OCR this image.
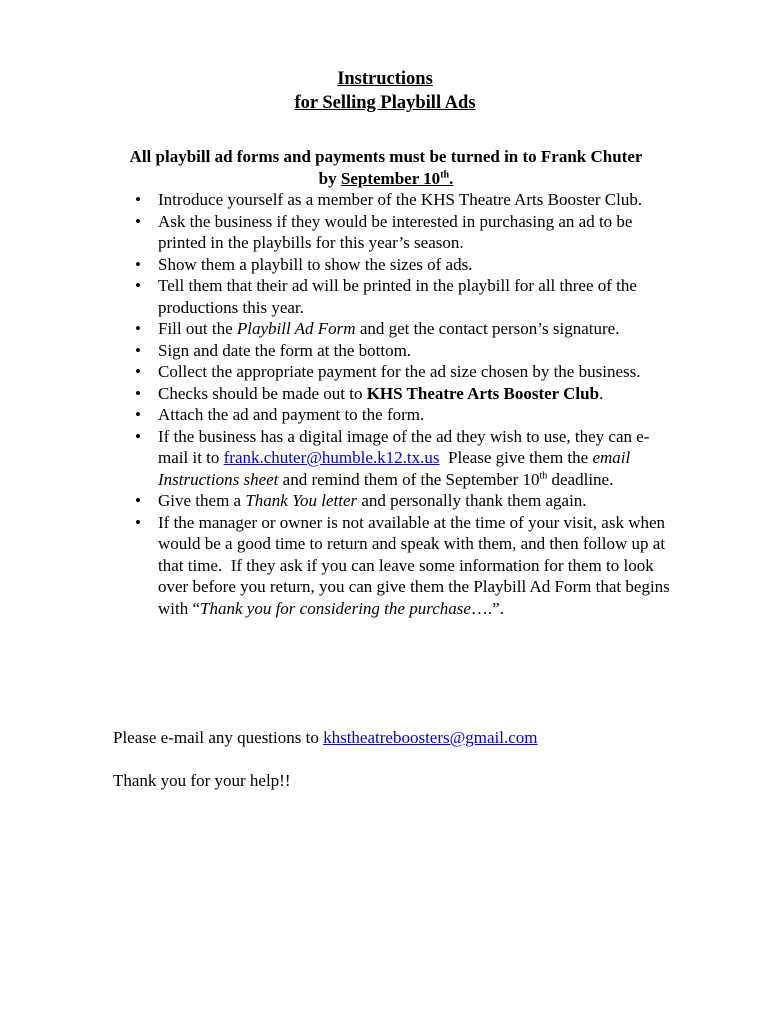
Instructions
for Selling Playbill Ads
All playbill ad forms and payments must be turned in to Frank Chuter
by September 10th.
• Introduce yourself as a member of the KHS Theatre Arts Booster Club.
• Ask the business if they would be interested in purchasing an ad to be printed in the playbills for this year’s season.
• Show them a playbill to show the sizes of ads.
• Tell them that their ad will be printed in the playbill for all three of the productions this year.
• Fill out the Playbill Ad Form and get the contact person’s signature.
• Sign and date the form at the bottom.
• Collect the appropriate payment for the ad size chosen by the business.
• Checks should be made out to KHS Theatre Arts Booster Club.
• Attach the ad and payment to the form.
• If the business has a digital image of the ad they wish to use, they can e-mail it to frank.chuter@humble.k12.tx.us  Please give them the email Instructions sheet and remind them of the September 10th deadline.
• Give them a Thank You letter and personally thank them again.
• If the manager or owner is not available at the time of your visit, ask when would be a good time to return and speak with them, and then follow up at that time.  If they ask if you can leave some information for them to look over before you return, you can give them the Playbill Ad Form that begins with “Thank you for considering the purchase….”.
Please e-mail any questions to khstheatreboosters@gmail.com
Thank you for your help!!
